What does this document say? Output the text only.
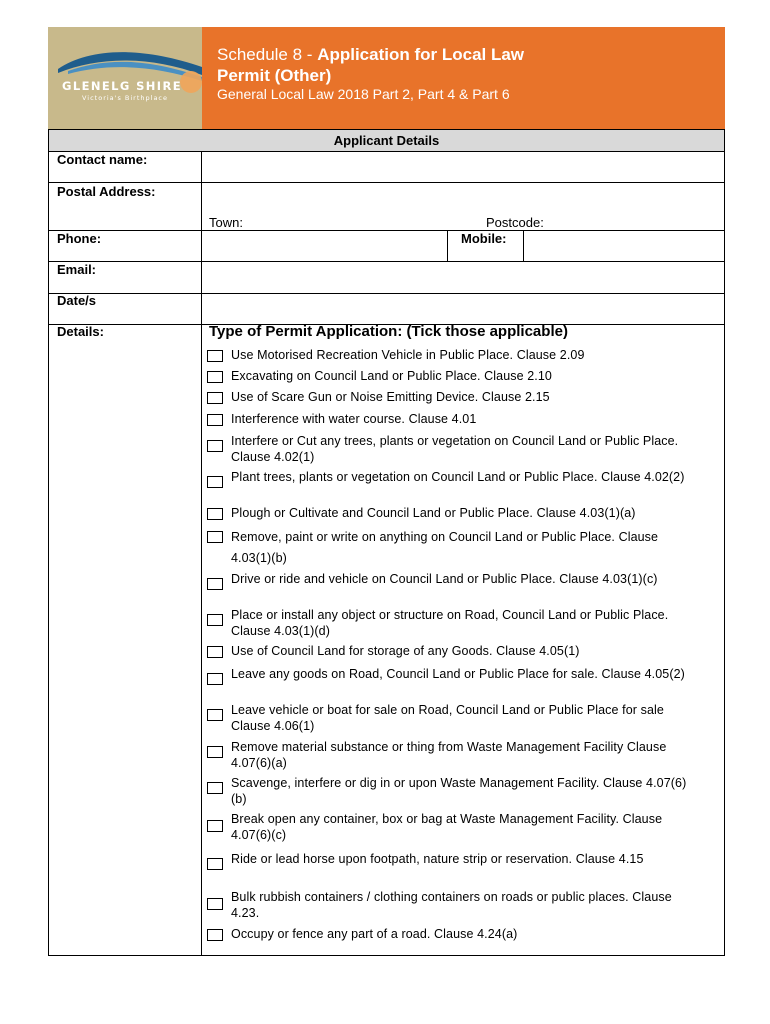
GLENELG SHIRE
Victoria's Birthplace
Schedule 8 - Application for Local Law
Permit (Other)
General Local Law 2018 Part 2, Part 4 & Part 6
Applicant Details
Contact name:
Postal Address:
Town:	Postcode:
Phone:	Mobile:
Email:
Date/s
Details:	Type of Permit Application: (Tick those applicable)
Use Motorised Recreation Vehicle in Public Place. Clause 2.09
Excavating on Council Land or Public Place. Clause 2.10
Use of Scare Gun or Noise Emitting Device. Clause 2.15
Interference with water course. Clause 4.01
Interfere or Cut any trees, plants or vegetation on Council Land or Public Place. Clause 4.02(1)
Plant trees, plants or vegetation on Council Land or Public Place. Clause 4.02(2)
Plough or Cultivate and Council Land or Public Place. Clause 4.03(1)(a)
Remove, paint or write on anything on Council Land or Public Place. Clause 4.03(1)(b)
Drive or ride and vehicle on Council Land or Public Place. Clause 4.03(1)(c)
Place or install any object or structure on Road, Council Land or Public Place. Clause 4.03(1)(d)
Use of Council Land for storage of any Goods. Clause 4.05(1)
Leave any goods on Road, Council Land or Public Place for sale. Clause 4.05(2)
Leave vehicle or boat for sale on Road, Council Land or Public Place for sale Clause 4.06(1)
Remove material substance or thing from Waste Management Facility Clause 4.07(6)(a)
Scavenge, interfere or dig in or upon Waste Management Facility. Clause 4.07(6)(b)
Break open any container, box or bag at Waste Management Facility. Clause 4.07(6)(c)
Ride or lead horse upon footpath, nature strip or reservation. Clause 4.15
Bulk rubbish containers / clothing containers on roads or public places. Clause 4.23.
Occupy or fence any part of a road. Clause 4.24(a)
